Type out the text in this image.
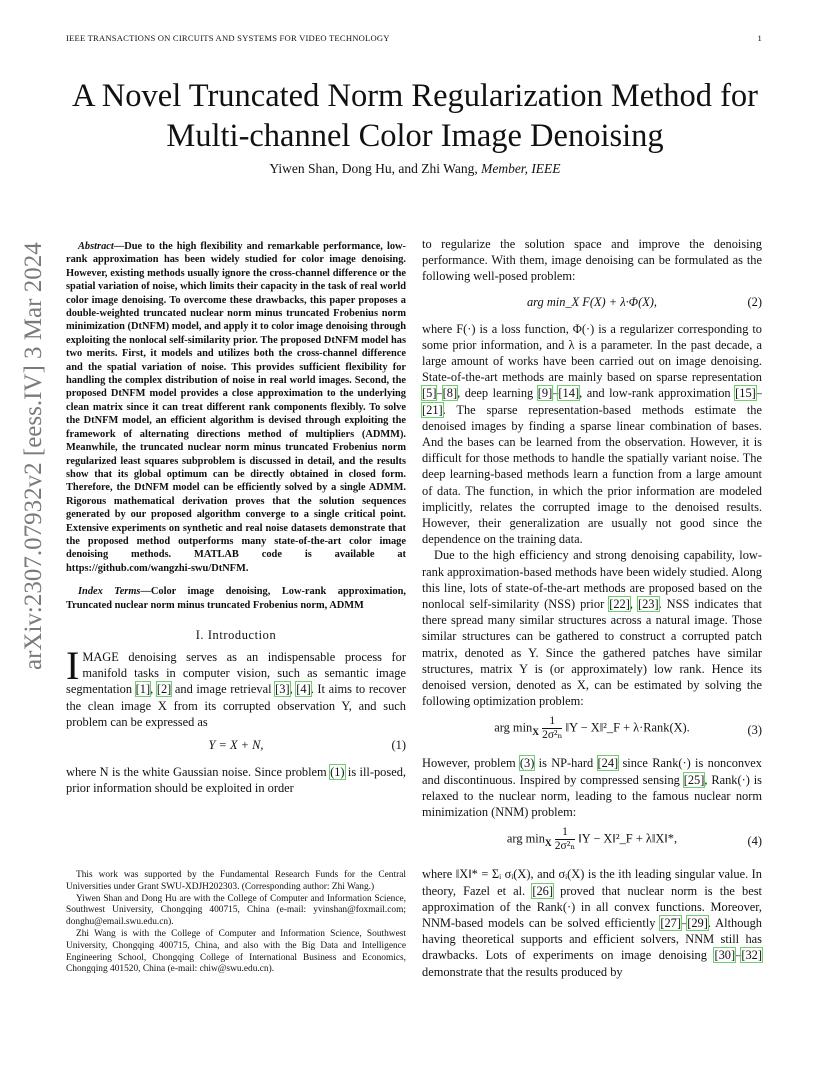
IEEE TRANSACTIONS ON CIRCUITS AND SYSTEMS FOR VIDEO TECHNOLOGY	1
arXiv:2307.07932v2 [eess.IV] 3 Mar 2024
A Novel Truncated Norm Regularization Method for
Multi-channel Color Image Denoising
Yiwen Shan, Dong Hu, and Zhi Wang, Member, IEEE
Abstract—Due to the high flexibility and remarkable performance, low-rank approximation has been widely studied for color image denoising. However, existing methods usually ignore the cross-channel difference or the spatial variation of noise, which limits their capacity in the task of real world color image denoising. To overcome these drawbacks, this paper proposes a double-weighted truncated nuclear norm minus truncated Frobenius norm minimization (DtNFM) model, and apply it to color image denoising through exploiting the nonlocal self-similarity prior. The proposed DtNFM model has two merits. First, it models and utilizes both the cross-channel difference and the spatial variation of noise. This provides sufficient flexibility for handling the complex distribution of noise in real world images. Second, the proposed DtNFM model provides a close approximation to the underlying clean matrix since it can treat different rank components flexibly. To solve the DtNFM model, an efficient algorithm is devised through exploiting the framework of alternating directions method of multipliers (ADMM). Meanwhile, the truncated nuclear norm minus truncated Frobenius norm regularized least squares subproblem is discussed in detail, and the results show that its global optimum can be directly obtained in closed form. Therefore, the DtNFM model can be efficiently solved by a single ADMM. Rigorous mathematical derivation proves that the solution sequences generated by our proposed algorithm converge to a single critical point. Extensive experiments on synthetic and real noise datasets demonstrate that the proposed method outperforms many state-of-the-art color image denoising methods. MATLAB code is available at https://github.com/wangzhi-swu/DtNFM.
Index Terms—Color image denoising, Low-rank approximation, Truncated nuclear norm minus truncated Frobenius norm, ADMM
I. Introduction
IMAGE denoising serves as an indispensable process for manifold tasks in computer vision, such as semantic image segmentation [1], [2] and image retrieval [3], [4]. It aims to recover the clean image X from its corrupted observation Y, and such problem can be expressed as
Y = X + N,	(1)
where N is the white Gaussian noise. Since problem (1) is ill-posed, prior information should be exploited in order
This work was supported by the Fundamental Research Funds for the Central Universities under Grant SWU-XDJH202303. (Corresponding author: Zhi Wang.)
Yiwen Shan and Dong Hu are with the College of Computer and Information Science, Southwest University, Chongqing 400715, China (e-mail: yvinshan@foxmail.com; donghu@email.swu.edu.cn).
Zhi Wang is with the College of Computer and Information Science, Southwest University, Chongqing 400715, China, and also with the Big Data and Intelligence Engineering School, Chongqing College of International Business and Economics, Chongqing 401520, China (e-mail: chiw@swu.edu.cn).
to regularize the solution space and improve the denoising performance. With them, image denoising can be formulated as the following well-posed problem:
arg min_X F(X) + λ·Φ(X),	(2)
where F(·) is a loss function, Φ(·) is a regularizer corresponding to some prior information, and λ is a parameter. In the past decade, a large amount of works have been carried out on image denoising. State-of-the-art methods are mainly based on sparse representation [5]–[8], deep learning [9]–[14], and low-rank approximation [15]–[21]. The sparse representation-based methods estimate the denoised images by finding a sparse linear combination of bases. And the bases can be learned from the observation. However, it is difficult for those methods to handle the spatially variant noise. The deep learning-based methods learn a function from a large amount of data. The function, in which the prior information are modeled implicitly, relates the corrupted image to the denoised results. However, their generalization are usually not good since the dependence on the training data.
Due to the high efficiency and strong denoising capability, low-rank approximation-based methods have been widely studied. Along this line, lots of state-of-the-art methods are proposed based on the nonlocal self-similarity (NSS) prior [22], [23]. NSS indicates that there spread many similar structures across a natural image. Those similar structures can be gathered to construct a corrupted patch matrix, denoted as Y. Since the gathered patches have similar structures, matrix Y is (or approximately) low rank. Hence its denoised version, denoted as X, can be estimated by solving the following optimization problem:
arg $\min_X \frac{1}{\text{2σ²ₙ}}$ ‖Y − X‖²_F + λ·Rank(X).	(3)
However, problem (3) is NP-hard [24] since Rank(·) is nonconvex and discontinuous. Inspired by compressed sensing [25], Rank(·) is relaxed to the nuclear norm, leading to the famous nuclear norm minimization (NNM) problem:
arg $\min_X \frac{1}{\text{2σ²ₙ}}$ ‖Y − X‖²_F + λ‖X‖*,	(4)
where ‖X‖* = Σᵢ σᵢ(X), and σᵢ(X) is the ith leading singular value. In theory, Fazel et al. [26] proved that nuclear norm is the best approximation of the Rank(·) in all convex functions. Moreover, NNM-based models can be solved efficiently [27]–[29]. Although having theoretical supports and efficient solvers, NNM still has drawbacks. Lots of experiments on image denoising [30]–[32] demonstrate that the results produced by
